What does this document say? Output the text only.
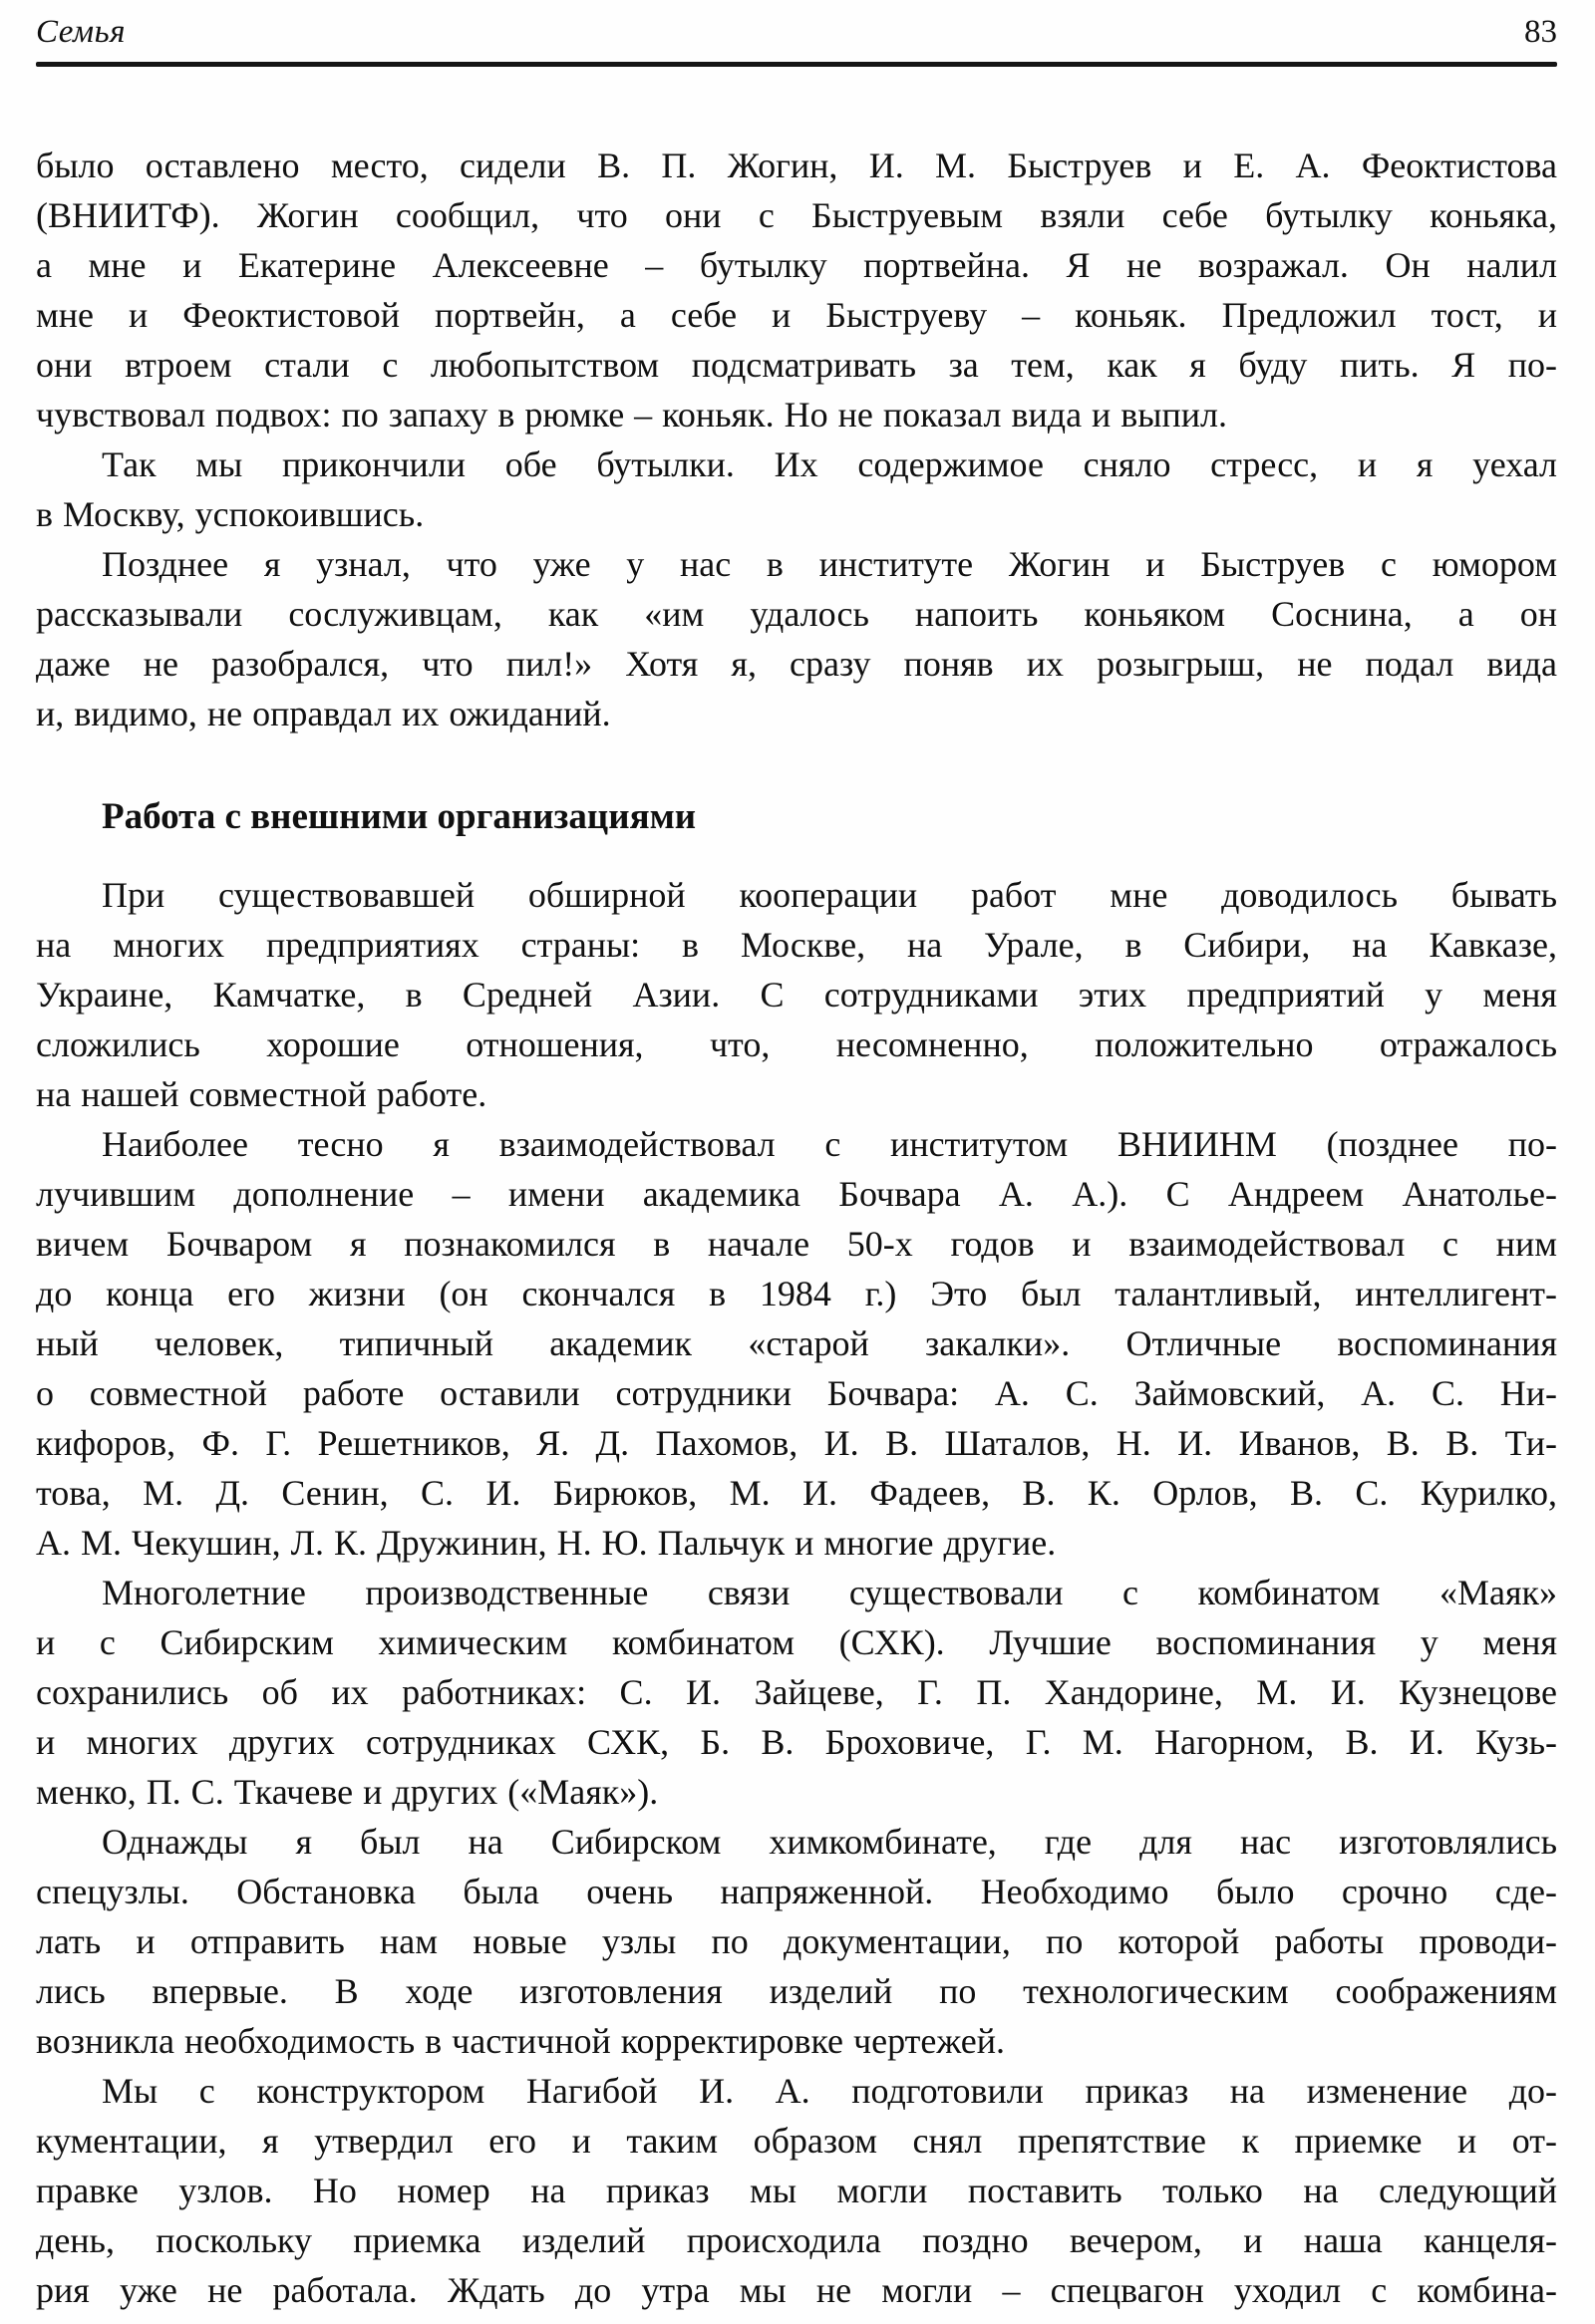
Семья	83
было оставлено место, сидели В. П. Жогин, И. М. Быструев и Е. А. Феоктистова
(ВНИИТФ). Жогин сообщил, что они с Быструевым взяли себе бутылку коньяка,
а мне и Екатерине Алексеевне – бутылку портвейна. Я не возражал. Он налил
мне и Феоктистовой портвейн, а себе и Быструеву – коньяк. Предложил тост, и
они втроем стали с любопытством подсматривать за тем, как я буду пить. Я по-
чувствовал подвох: по запаху в рюмке – коньяк. Но не показал вида и выпил.
Так мы прикончили обе бутылки. Их содержимое сняло стресс, и я уехал
в Москву, успокоившись.
Позднее я узнал, что уже у нас в институте Жогин и Быструев с юмором
рассказывали сослуживцам, как «им удалось напоить коньяком Соснина, а он
даже не разобрался, что пил!» Хотя я, сразу поняв их розыгрыш, не подал вида
и, видимо, не оправдал их ожиданий.
Работа с внешними организациями
При существовавшей обширной кооперации работ мне доводилось бывать
на многих предприятиях страны: в Москве, на Урале, в Сибири, на Кавказе,
Украине, Камчатке, в Средней Азии. С сотрудниками этих предприятий у меня
сложились хорошие отношения, что, несомненно, положительно отражалось
на нашей совместной работе.
Наиболее тесно я взаимодействовал с институтом ВНИИНМ (позднее по-
лучившим дополнение – имени академика Бочвара А. А.). С Андреем Анатолье-
вичем Бочваром я познакомился в начале 50-х годов и взаимодействовал с ним
до конца его жизни (он скончался в 1984 г.) Это был талантливый, интеллигент-
ный человек, типичный академик «старой закалки». Отличные воспоминания
о совместной работе оставили сотрудники Бочвара: А. С. Займовский, А. С. Ни-
кифоров, Ф. Г. Решетников, Я. Д. Пахомов, И. В. Шаталов, Н. И. Иванов, В. В. Ти-
това, М. Д. Сенин, С. И. Бирюков, М. И. Фадеев, В. К. Орлов, В. С. Курилко,
А. М. Чекушин, Л. К. Дружинин, Н. Ю. Пальчук и многие другие.
Многолетние производственные связи существовали с комбинатом «Маяк»
и с Сибирским химическим комбинатом (СХК). Лучшие воспоминания у меня
сохранились об их работниках: С. И. Зайцеве, Г. П. Хандорине, М. И. Кузнецове
и многих других сотрудниках СХК, Б. В. Броховиче, Г. М. Нагорном, В. И. Кузь-
менко, П. С. Ткачеве и других («Маяк»).
Однажды я был на Сибирском химкомбинате, где для нас изготовлялись
спецузлы. Обстановка была очень напряженной. Необходимо было срочно сде-
лать и отправить нам новые узлы по документации, по которой работы проводи-
лись впервые. В ходе изготовления изделий по технологическим соображениям
возникла необходимость в частичной корректировке чертежей.
Мы с конструктором Нагибой И. А. подготовили приказ на изменение до-
кументации, я утвердил его и таким образом снял препятствие к приемке и от-
правке узлов. Но номер на приказ мы могли поставить только на следующий
день, поскольку приемка изделий происходила поздно вечером, и наша канцеля-
рия уже не работала. Ждать до утра мы не могли – спецвагон уходил с комбина-
